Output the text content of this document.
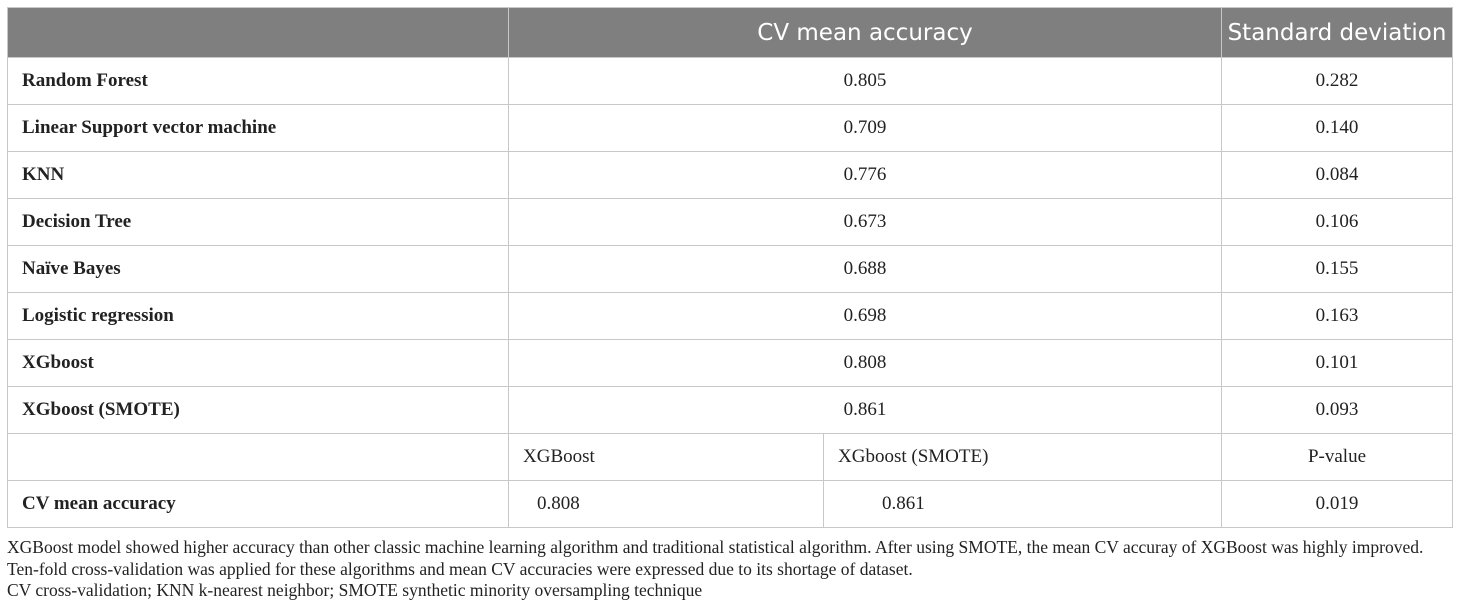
	CV mean accuracy		Standard deviation
Random Forest	0.805		0.282
Linear Support vector machine	0.709		0.140
KNN	0.776		0.084
Decision Tree	0.673		0.106
Naïve Bayes	0.688		0.155
Logistic regression	0.698		0.163
XGboost	0.808		0.101
XGboost (SMOTE)	0.861		0.093
	XGBoost	XGboost (SMOTE)	P-value
CV mean accuracy	0.808	0.861	0.019

XGBoost model showed higher accuracy than other classic machine learning algorithm and traditional statistical algorithm. After using SMOTE, the mean CV accuray of XGBoost was highly improved. Ten-fold cross-validation was applied for these algorithms and mean CV accuracies were expressed due to its shortage of dataset.

CV cross-validation; KNN k-nearest neighbor; SMOTE synthetic minority oversampling technique
